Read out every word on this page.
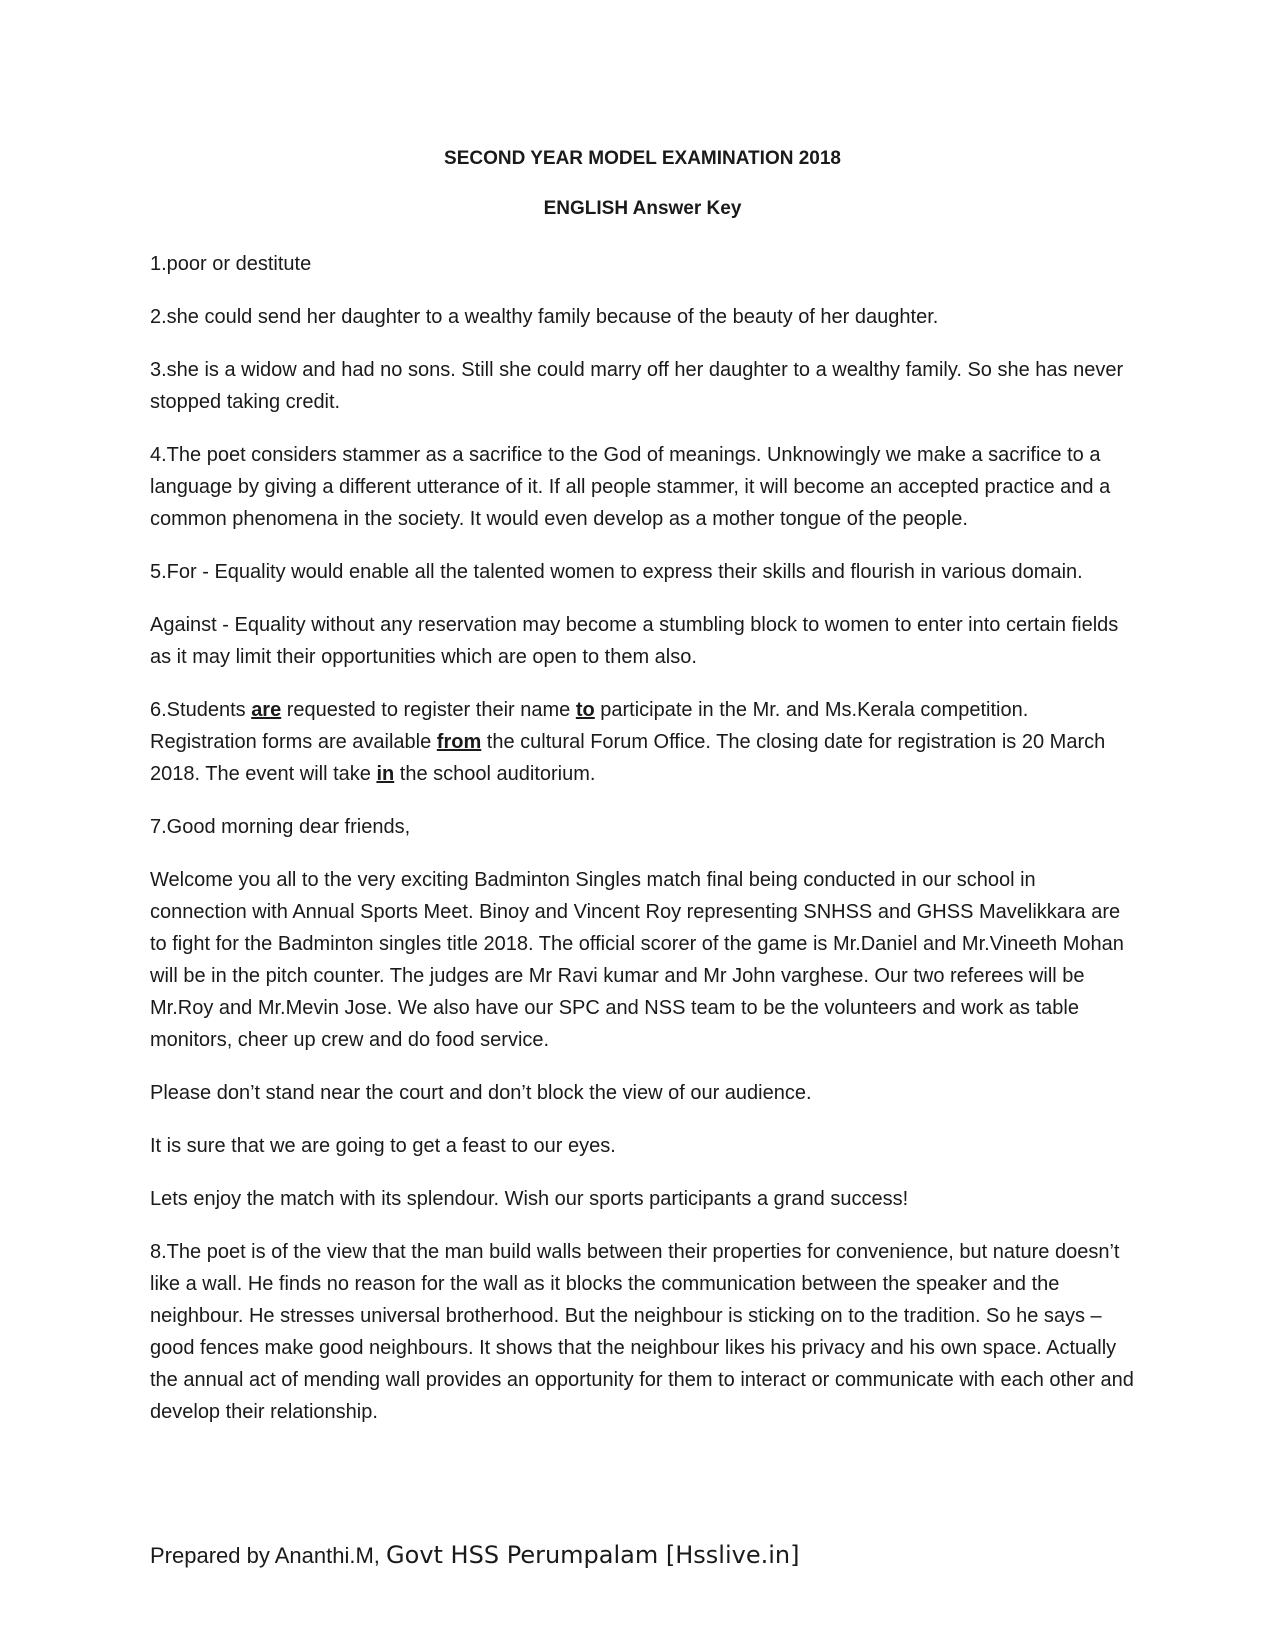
SECOND YEAR MODEL EXAMINATION 2018
ENGLISH Answer Key

1.poor or destitute

2.she could send her daughter to a wealthy family because of the beauty of her daughter.

3.she is a widow and had no sons. Still she could marry off her daughter to a wealthy family. So she has never stopped taking credit.

4.The poet considers stammer as a sacrifice to the God of meanings. Unknowingly we make a sacrifice to a language by giving a different utterance of it. If all people stammer, it will become an accepted practice and a common phenomena in the society. It would even develop as a mother tongue of the people.

5.For - Equality would enable all the talented women to express their skills and flourish in various domain.

Against - Equality without any reservation may become a stumbling block to women to enter into certain fields as it may limit their opportunities which are open to them also.

6.Students are requested to register their name to participate in the Mr. and Ms.Kerala competition. Registration forms are available from the cultural Forum Office. The closing date for registration is 20 March 2018. The event will take in the school auditorium.

7.Good morning dear friends,

Welcome you all to the very exciting Badminton Singles match final being conducted in our school in connection with Annual Sports Meet. Binoy and Vincent Roy representing SNHSS and GHSS Mavelikkara are to fight for the Badminton singles title 2018. The official scorer of the game is Mr.Daniel and Mr.Vineeth Mohan will be in the pitch counter. The judges are Mr Ravi kumar and Mr John varghese. Our two referees will be Mr.Roy and Mr.Mevin Jose. We also have our SPC and NSS team to be the volunteers and work as table monitors, cheer up crew and do food service.

Please don’t stand near the court and don’t block the view of our audience.

It is sure that we are going to get a feast to our eyes.

Lets enjoy the match with its splendour. Wish our sports participants a grand success!

8.The poet is of the view that the man build walls between their properties for convenience, but nature doesn’t like a wall. He finds no reason for the wall as it blocks the communication between the speaker and the neighbour. He stresses universal brotherhood. But the neighbour is sticking on to the tradition. So he says – good fences make good neighbours. It shows that the neighbour likes his privacy and his own space. Actually the annual act of mending wall provides an opportunity for them to interact or communicate with each other and develop their relationship.

Prepared by Ananthi.M, Govt HSS Perumpalam [Hsslive.in]
